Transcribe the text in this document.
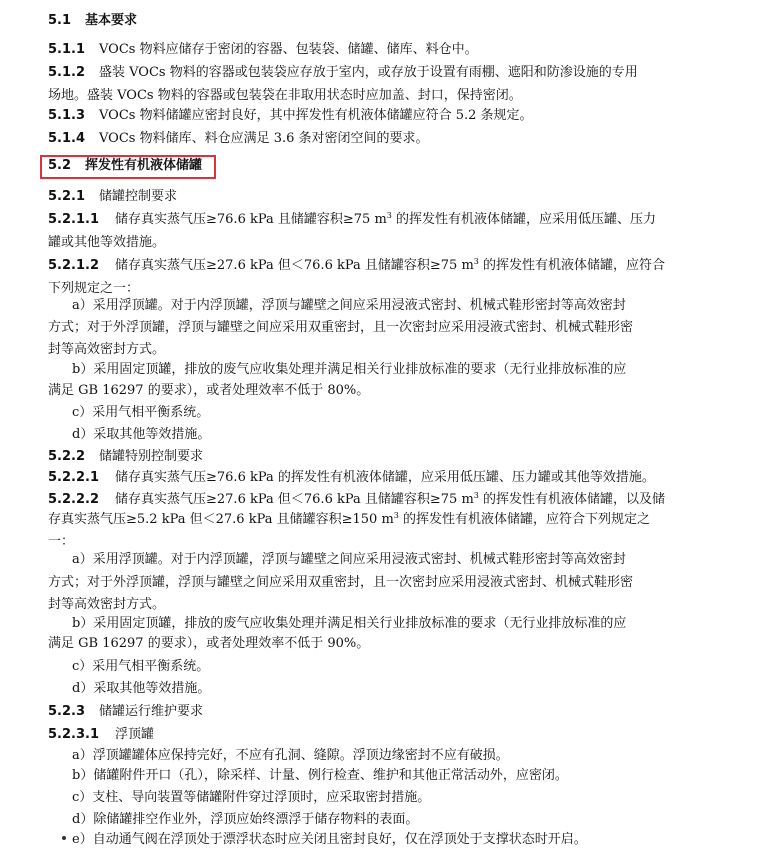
5.1 基本要求
5.1.1 VOCs 物料应储存于密闭的容器、包装袋、储罐、储库、料仓中。
5.1.2 盛装 VOCs 物料的容器或包装袋应存放于室内，或存放于设置有雨棚、遮阳和防渗设施的专用
场地。盛装 VOCs 物料的容器或包装袋在非取用状态时应加盖、封口，保持密闭。
5.1.3 VOCs 物料储罐应密封良好，其中挥发性有机液体储罐应符合 5.2 条规定。
5.1.4 VOCs 物料储库、料仓应满足 3.6 条对密闭空间的要求。
5.2 挥发性有机液体储罐
5.2.1 储罐控制要求
5.2.1.1 储存真实蒸气压≥76.6 kPa 且储罐容积≥75 $m^3$ 的挥发性有机液体储罐，应采用低压罐、压力
罐或其他等效措施。
5.2.1.2 储存真实蒸气压≥27.6 kPa 但＜76.6 kPa 且储罐容积≥75 $m^3$ 的挥发性有机液体储罐，应符合
下列规定之一：
a）采用浮顶罐。对于内浮顶罐，浮顶与罐壁之间应采用浸液式密封、机械式鞋形密封等高效密封
方式；对于外浮顶罐，浮顶与罐壁之间应采用双重密封，且一次密封应采用浸液式密封、机械式鞋形密
封等高效密封方式。
b）采用固定顶罐，排放的废气应收集处理并满足相关行业排放标准的要求（无行业排放标准的应
满足 GB 16297 的要求），或者处理效率不低于 80%。
c）采用气相平衡系统。
d）采取其他等效措施。
5.2.2 储罐特别控制要求
5.2.2.1 储存真实蒸气压≥76.6 kPa 的挥发性有机液体储罐，应采用低压罐、压力罐或其他等效措施。
5.2.2.2 储存真实蒸气压≥27.6 kPa 但＜76.6 kPa 且储罐容积≥75 $m^3$ 的挥发性有机液体储罐，以及储
存真实蒸气压≥5.2 kPa 但＜27.6 kPa 且储罐容积≥150 $m^3$ 的挥发性有机液体储罐，应符合下列规定之
一：
a）采用浮顶罐。对于内浮顶罐，浮顶与罐壁之间应采用浸液式密封、机械式鞋形密封等高效密封
方式；对于外浮顶罐，浮顶与罐壁之间应采用双重密封，且一次密封应采用浸液式密封、机械式鞋形密
封等高效密封方式。
b）采用固定顶罐，排放的废气应收集处理并满足相关行业排放标准的要求（无行业排放标准的应
满足 GB 16297 的要求），或者处理效率不低于 90%。
c）采用气相平衡系统。
d）采取其他等效措施。
5.2.3 储罐运行维护要求
5.2.3.1 浮顶罐
a）浮顶罐罐体应保持完好，不应有孔洞、缝隙。浮顶边缘密封不应有破损。
b）储罐附件开口（孔），除采样、计量、例行检查、维护和其他正常活动外，应密闭。
c）支柱、导向装置等储罐附件穿过浮顶时，应采取密封措施。
d）除储罐排空作业外，浮顶应始终漂浮于储存物料的表面。
e）自动通气阀在浮顶处于漂浮状态时应关闭且密封良好，仅在浮顶处于支撑状态时开启。
